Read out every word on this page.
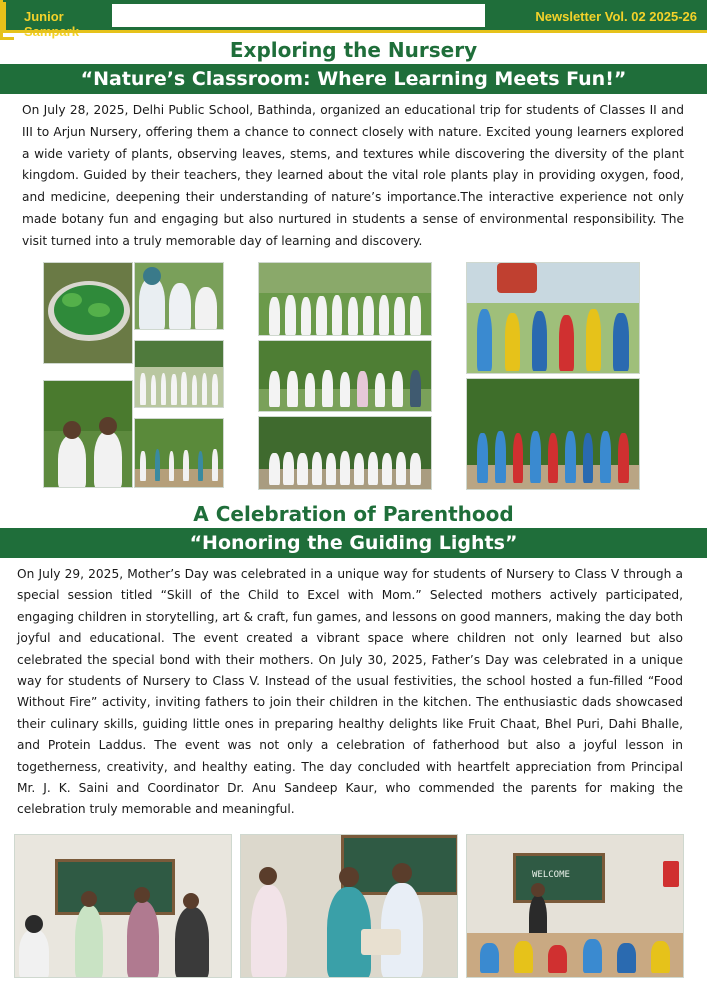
Junior	Newsletter Vol. 02 2025-26
Exploring the Nursery
“Nature’s Classroom: Where Learning Meets Fun!”

On July 28, 2025, Delhi Public School, Bathinda, organized an educational trip for students of Classes II and III to Arjun Nursery, offering them a chance to connect closely with nature. Excited young learners explored a wide variety of plants, observing leaves, stems, and textures while discovering the diversity of the plant kingdom. Guided by their teachers, they learned about the vital role plants play in providing oxygen, food, and medicine, deepening their understanding of nature’s importance.The interactive experience not only made botany fun and engaging but also nurtured in students a sense of environmental responsibility. The visit turned into a truly memorable day of learning and discovery.

A Celebration of Parenthood
“Honoring the Guiding Lights”

On July 29, 2025, Mother’s Day was celebrated in a unique way for students of Nursery to Class V through a special session titled “Skill of the Child to Excel with Mom.” Selected mothers actively participated, engaging children in storytelling, art & craft, fun games, and lessons on good manners, making the day both joyful and educational. The event created a vibrant space where children not only learned but also celebrated the special bond with their mothers. On July 30, 2025, Father’s Day was celebrated in a unique way for students of Nursery to Class V. Instead of the usual festivities, the school hosted a fun-filled “Food Without Fire” activity, inviting fathers to join their children in the kitchen. The enthusiastic dads showcased their culinary skills, guiding little ones in preparing healthy delights like Fruit Chaat, Bhel Puri, Dahi Bhalle, and Protein Laddus. The event was not only a celebration of fatherhood but also a joyful lesson in togetherness, creativity, and healthy eating. The day concluded with heartfelt appreciation from Principal Mr. J. K. Saini and Coordinator Dr. Anu Sandeep Kaur, who commended the parents for making the celebration truly memorable and meaningful.

WELCOME
